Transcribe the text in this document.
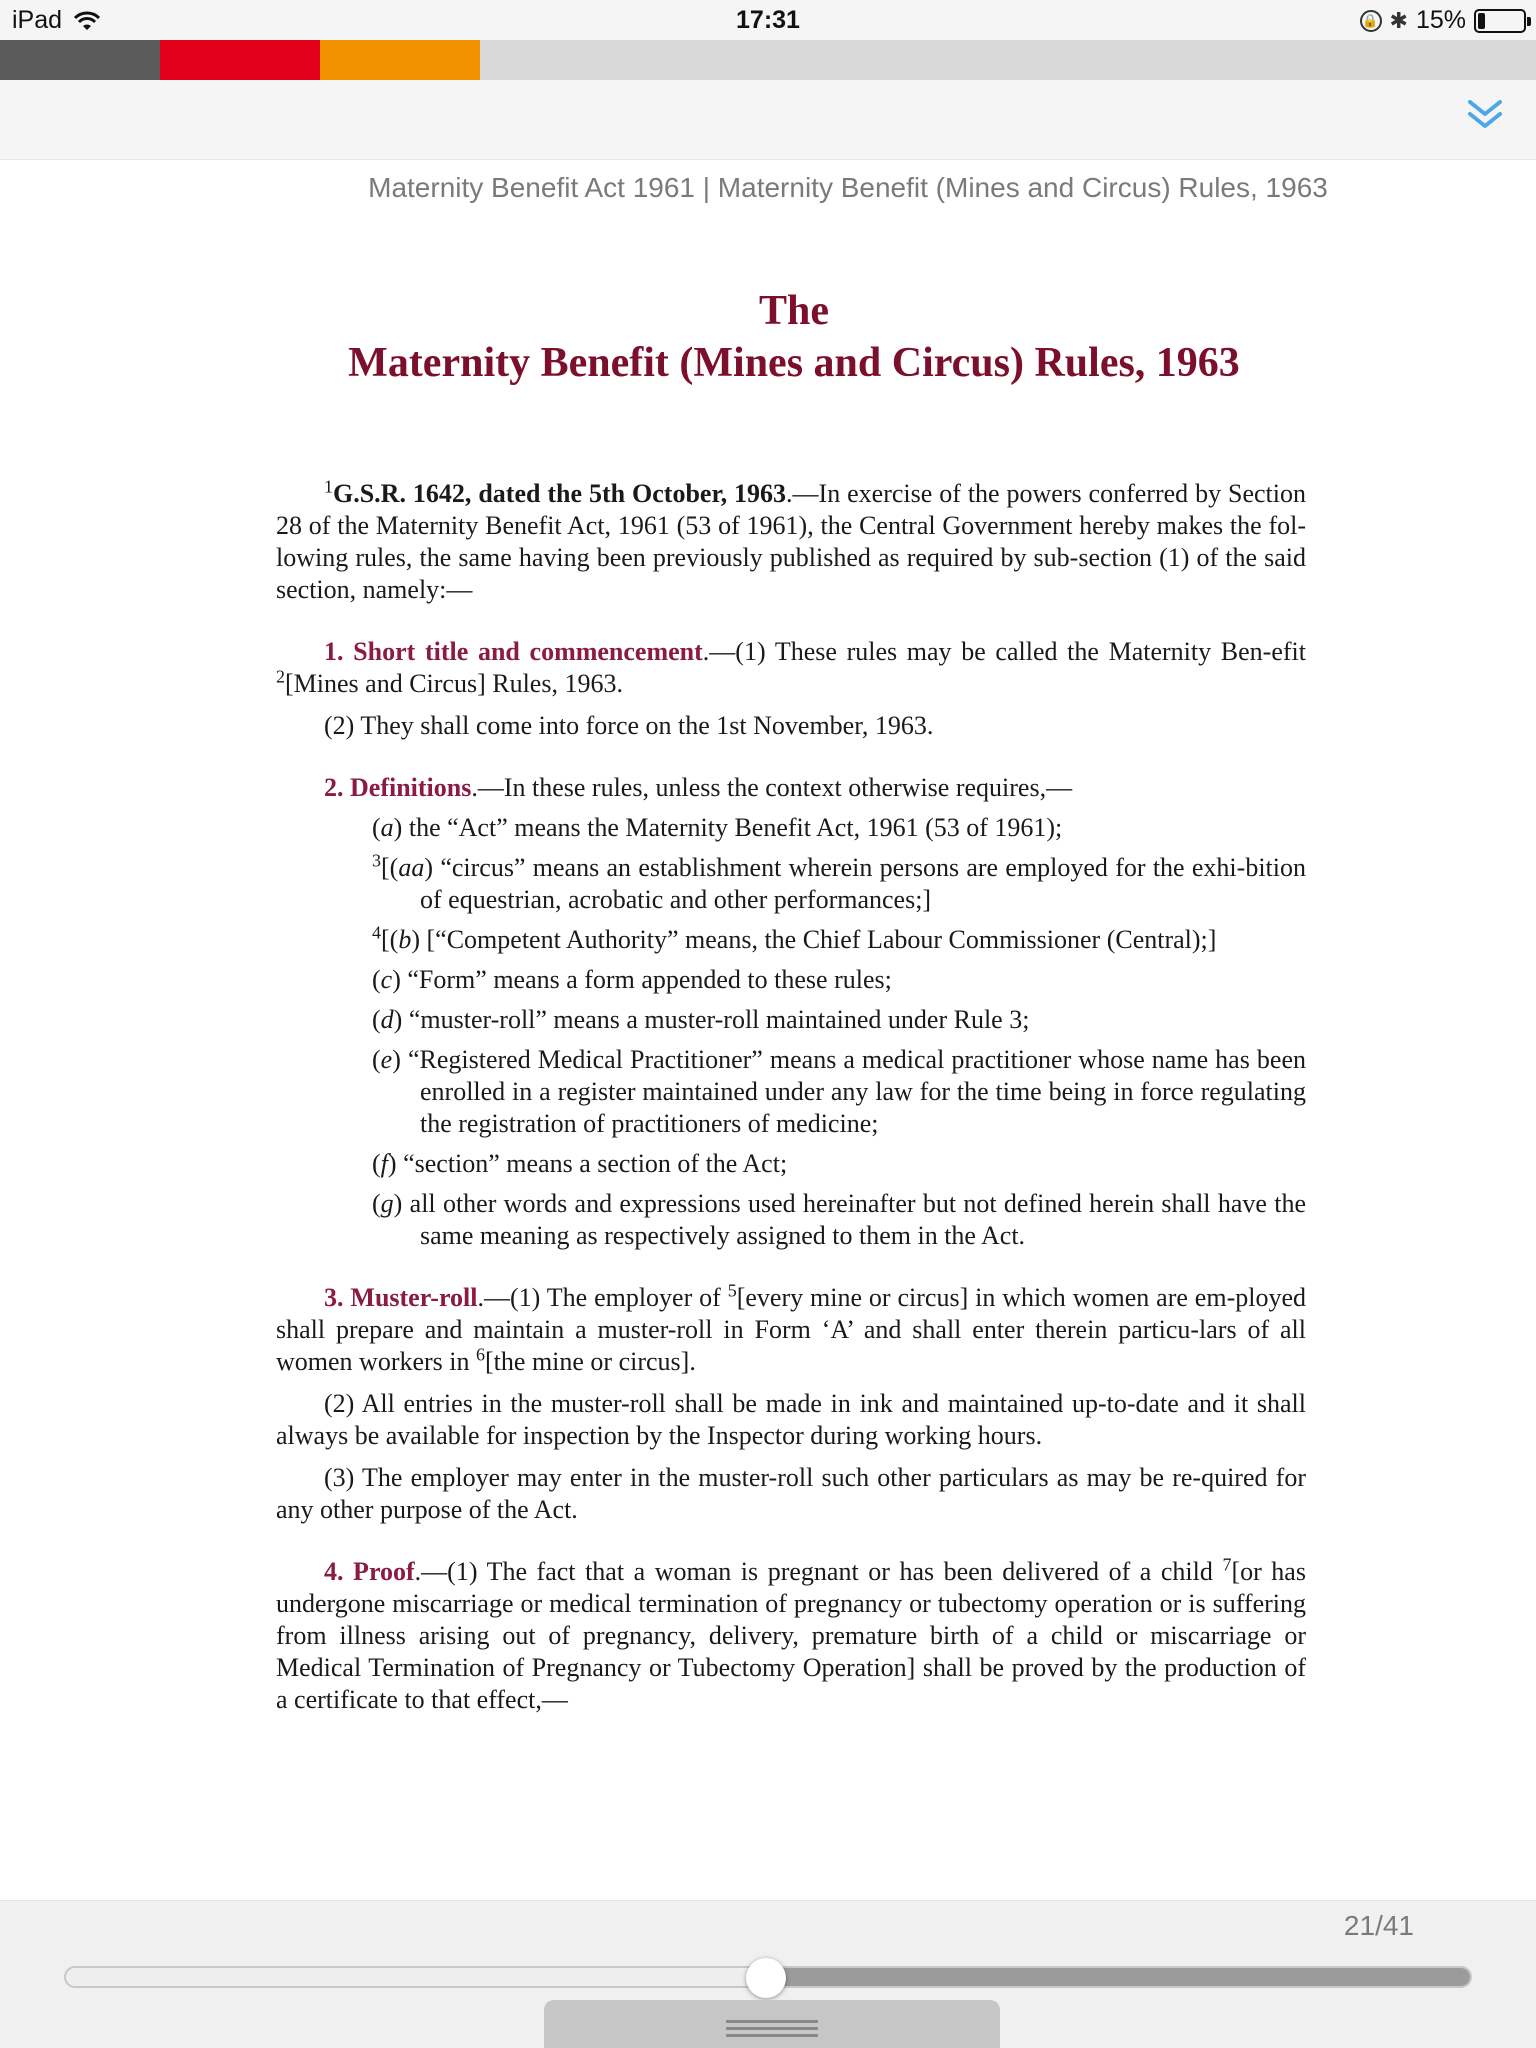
iPad	17:31	🔒 ✱ 15%
Maternity Benefit Act 1961 | Maternity Benefit (Mines and Circus) Rules, 1963
The
Maternity Benefit (Mines and Circus) Rules, 1963

$^1$G.S.R. 1642, dated the 5th October, 1963.—In exercise of the powers conferred by Section 28 of the Maternity Benefit Act, 1961 (53 of 1961), the Central Government hereby makes the fol-lowing rules, the same having been previously published as required by sub-section (1) of the said section, namely:—

1. Short title and commencement.—(1) These rules may be called the Maternity Ben-efit $^2$[Mines and Circus] Rules, 1963.

(2) They shall come into force on the 1st November, 1963.

2. Definitions.—In these rules, unless the context otherwise requires,—

(a) the “Act” means the Maternity Benefit Act, 1961 (53 of 1961);

$^3$[(aa) “circus” means an establishment wherein persons are employed for the exhi-bition of equestrian, acrobatic and other performances;]

$^4$[(b) [“Competent Authority” means, the Chief Labour Commissioner (Central);]

(c) “Form” means a form appended to these rules;

(d) “muster-roll” means a muster-roll maintained under Rule 3;

(e) “Registered Medical Practitioner” means a medical practitioner whose name has been enrolled in a register maintained under any law for the time being in force regulating the registration of practitioners of medicine;

(f) “section” means a section of the Act;

(g) all other words and expressions used hereinafter but not defined herein shall have the same meaning as respectively assigned to them in the Act.

3. Muster-roll.—(1) The employer of $^5$[every mine or circus] in which women are em-ployed shall prepare and maintain a muster-roll in Form ‘A’ and shall enter therein particu-lars of all women workers in $^6$[the mine or circus].

(2) All entries in the muster-roll shall be made in ink and maintained up-to-date and it shall always be available for inspection by the Inspector during working hours.

(3) The employer may enter in the muster-roll such other particulars as may be re-quired for any other purpose of the Act.

4. Proof.—(1) The fact that a woman is pregnant or has been delivered of a child $^7$[or has undergone miscarriage or medical termination of pregnancy or tubectomy operation or is suffering from illness arising out of pregnancy, delivery, premature birth of a child or miscarriage or Medical Termination of Pregnancy or Tubectomy Operation] shall be proved by the production of a certificate to that effect,—

21/41
